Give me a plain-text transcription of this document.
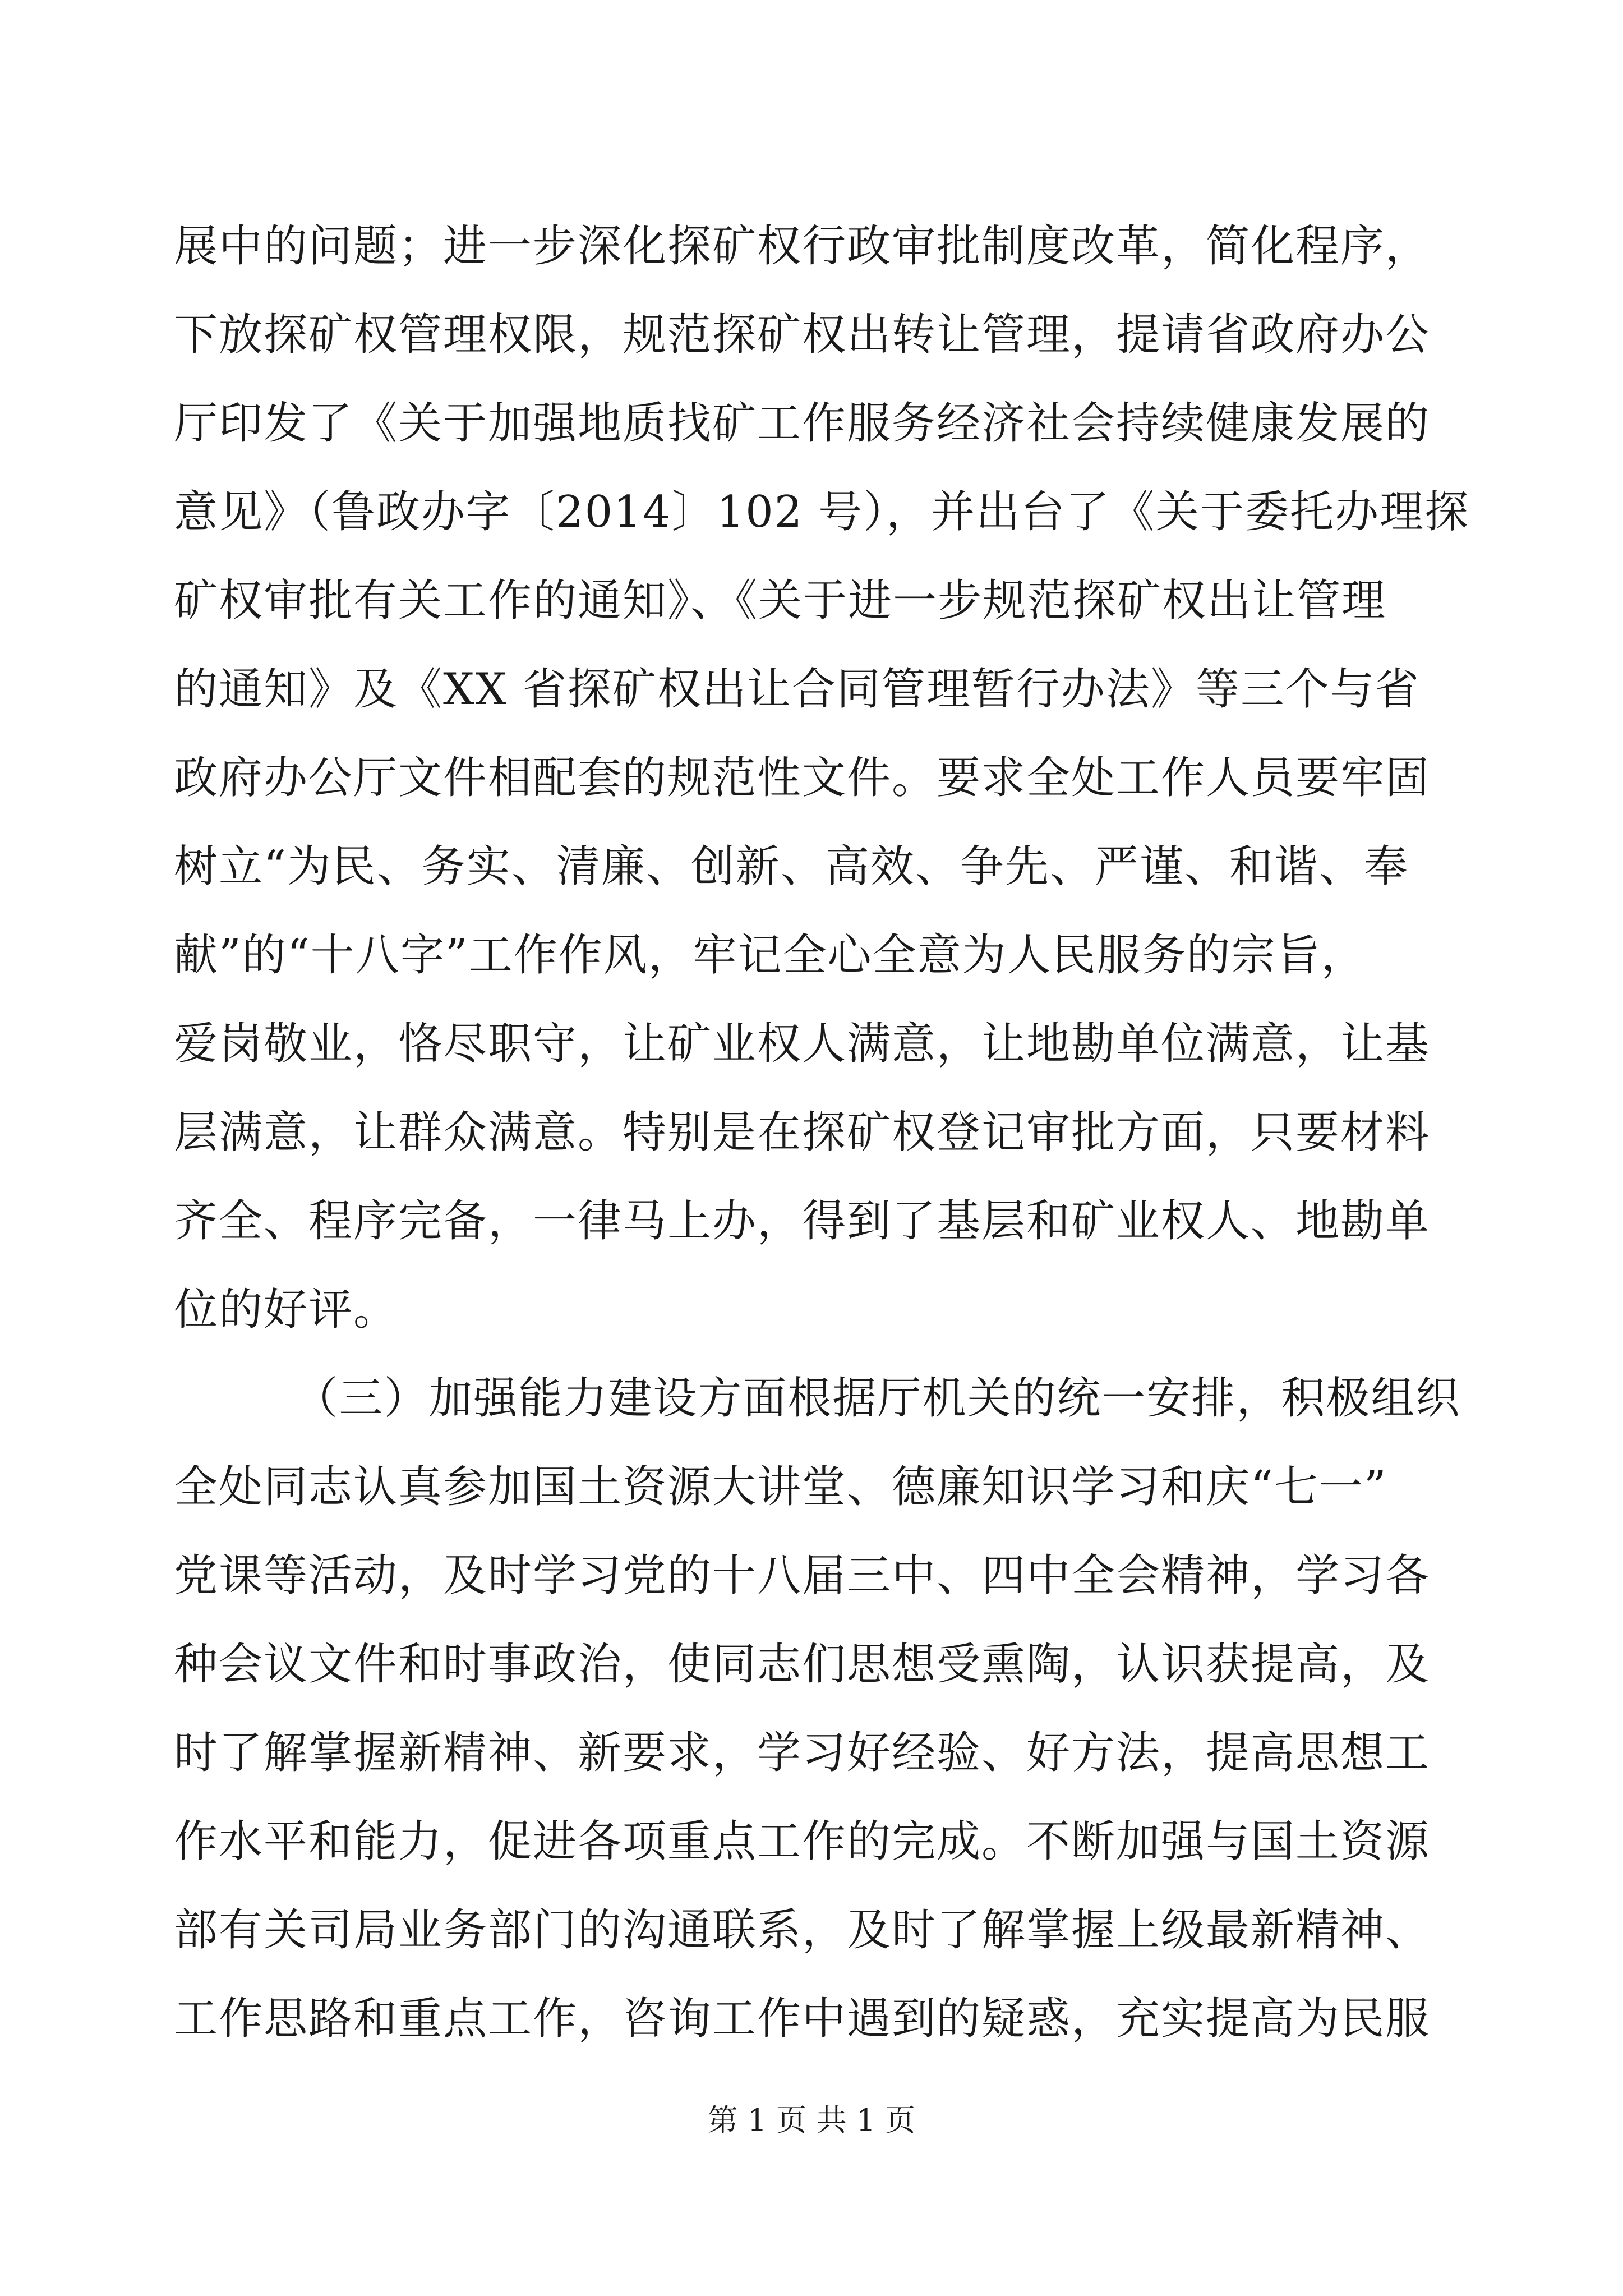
展中的问题；进一步深化探矿权行政审批制度改革，简化程序，
下放探矿权管理权限，规范探矿权出转让管理，提请省政府办公
厅印发了《关于加强地质找矿工作服务经济社会持续健康发展的
意见》（鲁政办字〔2014〕102 号），并出台了《关于委托办理探
矿权审批有关工作的通知》、《关于进一步规范探矿权出让管理
的通知》及《XX 省探矿权出让合同管理暂行办法》等三个与省
政府办公厅文件相配套的规范性文件。要求全处工作人员要牢固
树立“为民、务实、清廉、创新、高效、争先、严谨、和谐、奉
献”的“十八字”工作作风，牢记全心全意为人民服务的宗旨，
爱岗敬业，恪尽职守，让矿业权人满意，让地勘单位满意，让基
层满意，让群众满意。特别是在探矿权登记审批方面，只要材料
齐全、程序完备，一律马上办，得到了基层和矿业权人、地勘单
位的好评。
（三）加强能力建设方面根据厅机关的统一安排，积极组织
全处同志认真参加国土资源大讲堂、德廉知识学习和庆“七一”
党课等活动，及时学习党的十八届三中、四中全会精神，学习各
种会议文件和时事政治，使同志们思想受熏陶，认识获提高，及
时了解掌握新精神、新要求，学习好经验、好方法，提高思想工
作水平和能力，促进各项重点工作的完成。不断加强与国土资源
部有关司局业务部门的沟通联系，及时了解掌握上级最新精神、
工作思路和重点工作，咨询工作中遇到的疑惑，充实提高为民服
第 1 页 共 1 页
